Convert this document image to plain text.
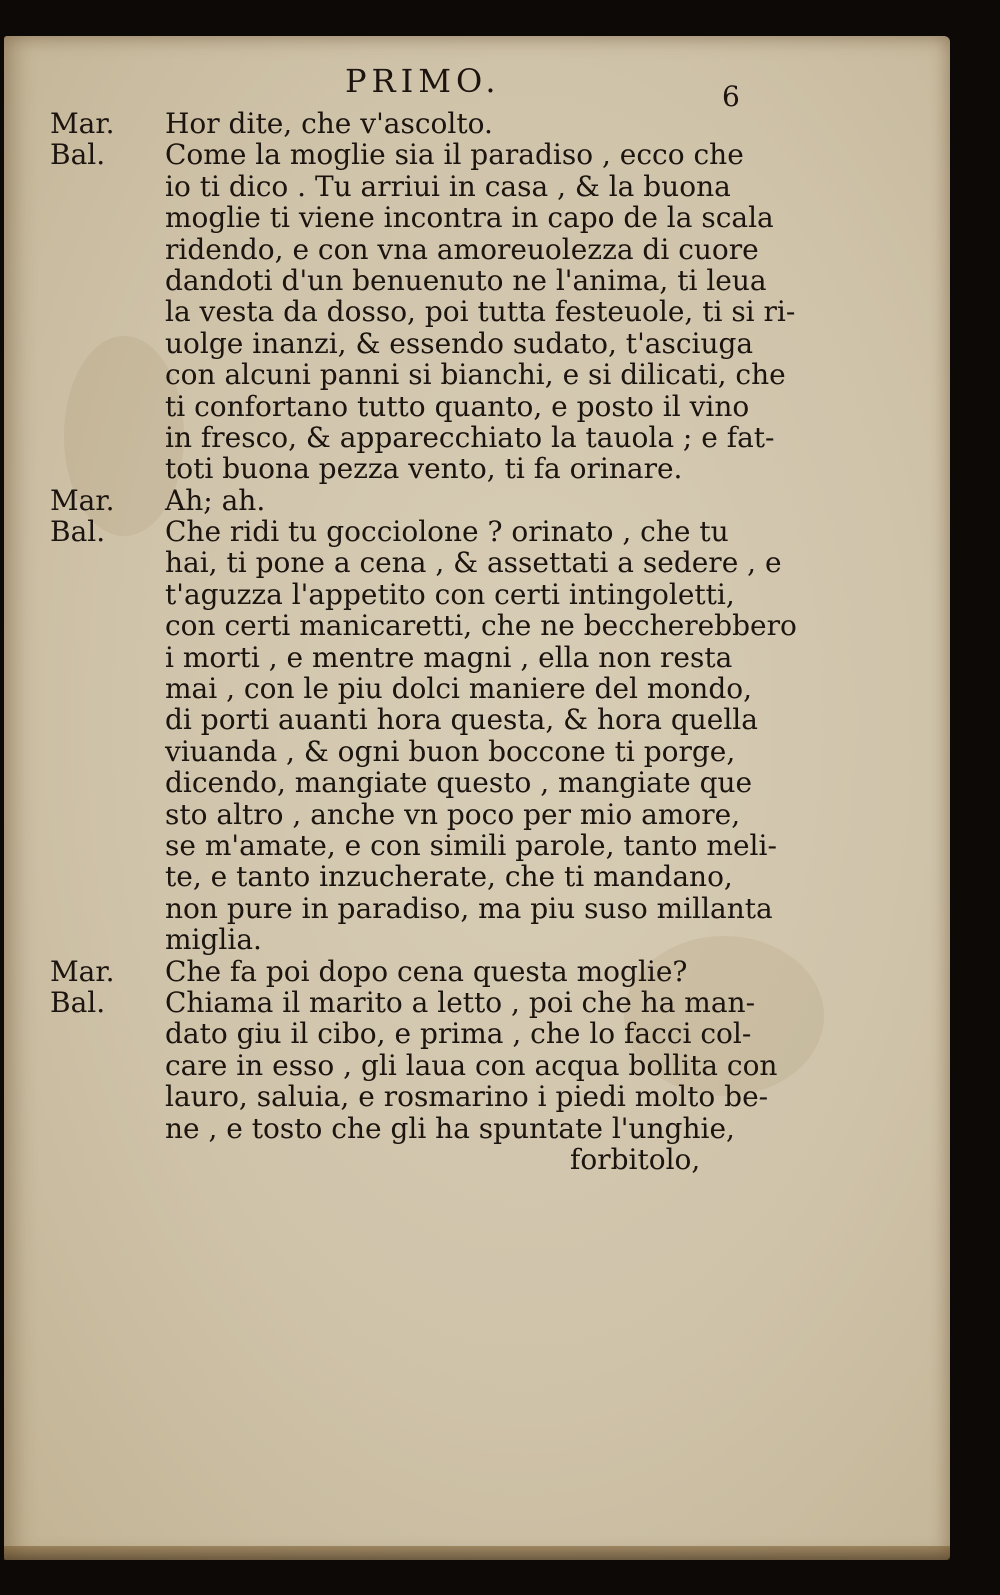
PRIMO.	6
Mar.	Hor dite, che v'ascolto.
Bal.	Come la moglie sia il paradiso , ecco che
io ti dico . Tu arriui in casa , & la buona
moglie ti viene incontra in capo de la scala
ridendo, e con vna amoreuolezza di cuore
dandoti d'un benuenuto ne l'anima, ti leua
la vesta da dosso, poi tutta festeuole, ti si ri-
uolge inanzi, & essendo sudato, t'asciuga
con alcuni panni si bianchi, e si dilicati, che
ti confortano tutto quanto, e posto il vino
in fresco, & apparecchiato la tauola ; e fat-
toti buona pezza vento, ti fa orinare.
Mar.	Ah; ah.
Bal.	Che ridi tu gocciolone ? orinato , che tu
hai, ti pone a cena , & assettati a sedere , e
t'aguzza l'appetito con certi intingoletti,
con certi manicaretti, che ne beccherebbero
i morti , e mentre magni , ella non resta
mai , con le piu dolci maniere del mondo,
di porti auanti hora questa, & hora quella
viuanda , & ogni buon boccone ti porge,
dicendo, mangiate questo , mangiate que
sto altro , anche vn poco per mio amore,
se m'amate, e con simili parole, tanto meli-
te, e tanto inzucherate, che ti mandano,
non pure in paradiso, ma piu suso millanta
miglia.
Mar.	Che fa poi dopo cena questa moglie?
Bal.	Chiama il marito a letto , poi che ha man-
dato giu il cibo, e prima , che lo facci col-
care in esso , gli laua con acqua bollita con
lauro, saluia, e rosmarino i piedi molto be-
ne , e tosto che gli ha spuntate l'unghie,
forbitolo,
